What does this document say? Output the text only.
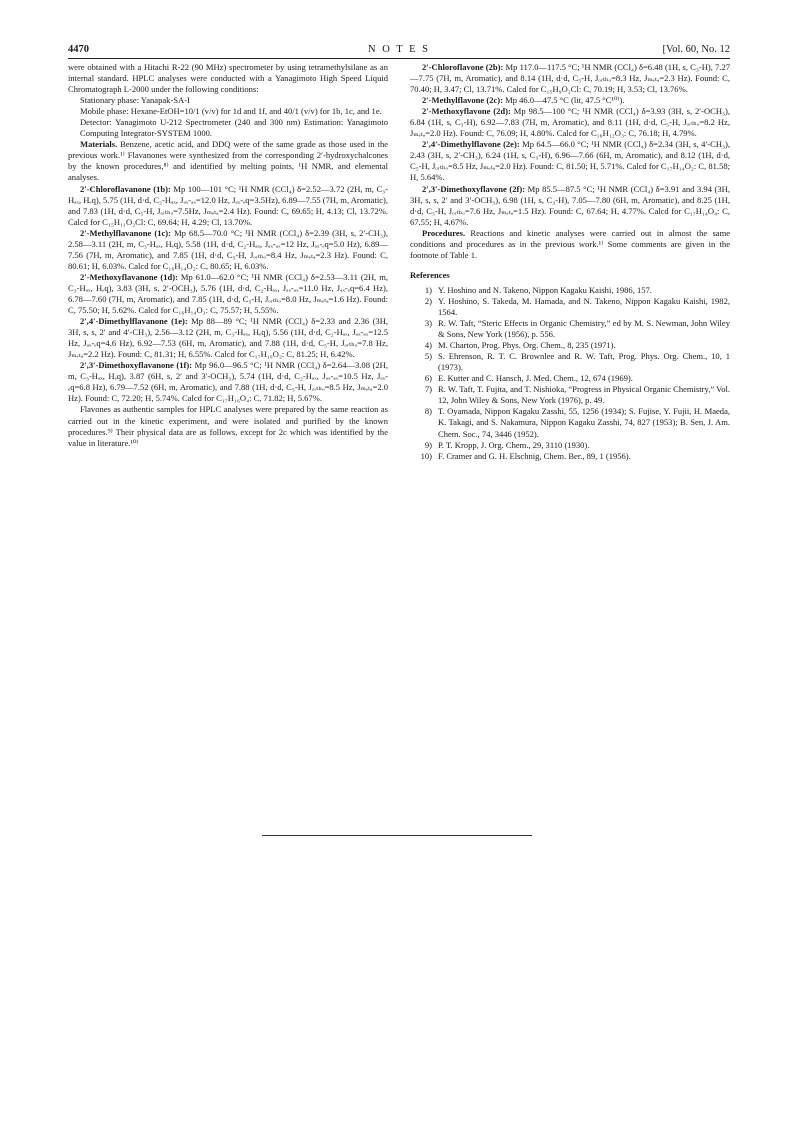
4470	N O T E S	[Vol. 60, No. 12

were obtained with a Hitachi R-22 (90 MHz) spectrometer by using tetramethylsilane as an internal standard. HPLC analyses were conducted with a Yanagimoto High Speed Liquid Chromatograph L-2000 under the following conditions:

Stationary phase: Yanapak-SA-I

Mobile phase: Hexane-EtOH=10/1 (v/v) for 1d and 1f, and 40/1 (v/v) for 1b, 1c, and 1e.

Detector: Yanagimoto U-212 Spectrometer (240 and 300 nm) Estimation: Yanagimoto Computing Integrator-SYSTEM 1000.

Materials. Benzene, acetic acid, and DDQ were of the same grade as those used in the previous work.¹⁾ Flavanones were synthesized from the corresponding 2′-hydroxychalcones by the known procedures,⁸⁾ and identified by melting points, ¹H NMR, and elemental analyses.

2′-Chloroflavanone (1b): Mp 100—101 °C; ¹H NMR (CCl₄) δ=2.52—3.72 (2H, m, C₃-Hₐₓ, Hₑq), 5.75 (1H, d·d, C₂-Hₐₓ, Jₐₓ-ₐₓ=12.0 Hz, Jₐₓ-ₑq=3.5Hz), 6.89—7.55 (7H, m, Aromatic), and 7.83 (1H, d·d, C₅-H, Jₒᵣₜₕₒ=7.5Hz, Jₘₑₜₐ=2.4 Hz). Found: C, 69.65; H, 4.13; Cl, 13.72%. Calcd for C₁₅H₁₁O₂Cl: C, 69.64; H, 4.29; Cl, 13.70%.

2′-Methylflavanone (1c): Mp 68.5—70.0 °C; ¹H NMR (CCl₄) δ=2.39 (3H, s, 2′-CH₃), 2.58—3.11 (2H, m, C₃-Hₐₓ, Hₑq), 5.58 (1H, d·d, C₂-Hₐₓ, Jₐₓ-ₐₓ=12 Hz, Jₐₓ-ₑq=5.0 Hz), 6.89—7.56 (7H, m, Aromatic), and 7.85 (1H, d·d, C₅-H, Jₒᵣₜₕₒ=8.4 Hz, Jₘₑₜₐ=2.3 Hz). Found: C, 80.61; H, 6.03%. Calcd for C₁₆H₁₄O₂: C, 80.65; H, 6.03%.

2′-Methoxyflavanone (1d): Mp 61.0—62.0 °C; ¹H NMR (CCl₄) δ=2.53—3.11 (2H, m, C₃-Hₐₓ, Hₑq), 3.83 (3H, s, 2′-OCH₃), 5.76 (1H, d·d, C₂-Hₐₓ, Jₐₓ-ₐₓ=11.0 Hz, Jₐₓ-ₑq=6.4 Hz), 6.78—7.60 (7H, m, Aromatic), and 7.85 (1H, d·d, C₅-H, Jₒᵣₜₕₒ=8.0 Hz, Jₘₑₜₐ=1.6 Hz). Found: C, 75.50; H, 5.62%. Calcd for C₁₆H₁₄O₃: C, 75.57; H, 5.55%.

2′,4′-Dimethylflavanone (1e): Mp 88—89 °C; ¹H NMR (CCl₄) δ=2.33 and 2.36 (3H, 3H, s, s, 2′ and 4′-CH₃), 2.56—3.12 (2H, m, C₃-Hₐₓ, Hₑq), 5.56 (1H, d·d, C₂-Hₐₓ, Jₐₓ-ₐₓ=12.5 Hz, Jₐₓ-ₑq=4.6 Hz), 6.92—7.53 (6H, m, Aromatic), and 7.88 (1H, d·d, C₅-H, Jₒᵣₜₕₒ=7.8 Hz, Jₘₑₜₐ=2.2 Hz). Found: C, 81.31; H, 6.55%. Calcd for C₁₇H₁₆O₂: C, 81.25; H, 6.42%.

2′,3′-Dimethoxyflavanone (1f): Mp 96.0—96.5 °C; ¹H NMR (CCl₄) δ=2.64—3.08 (2H, m, C₃-Hₐₓ, Hₑq), 3.87 (6H, s, 2′ and 3′-OCH₃), 5.74 (1H, d·d, C₂-Hₐₓ, Jₐₓ-ₐₓ=10.5 Hz, Jₐₓ-ₑq=6.8 Hz), 6.79—7.52 (6H, m, Aromatic), and 7.88 (1H, d·d, C₅-H, Jₒᵣₜₕₒ=8.5 Hz, Jₘₑₜₐ=2.0 Hz). Found: C, 72.20; H, 5.74%. Calcd for C₁₇H₁₆O₄: C, 71.82; H, 5.67%.

Flavones as authentic samples for HPLC analyses were prepared by the same reaction as carried out in the kinetic experiment, and were isolated and purified by the known procedures.⁹⁾ Their physical data are as follows, except for 2c which was identified by the value in literature.¹⁰⁾

2′-Chloroflavone (2b): Mp 117.0—117.5 °C; ¹H NMR (CCl₄) δ=6.48 (1H, s, C₃-H), 7.27—7.75 (7H, m, Aromatic), and 8.14 (1H, d·d, C₅-H, Jₒᵣₜₕₒ=8.3 Hz, Jₘₑₜₐ=2.3 Hz). Found: C, 70.40; H, 3.47; Cl, 13.71%. Calcd for C₁₅H₉O₂Cl: C, 70.19; H, 3.53; Cl, 13.76%.

2′-Methylflavone (2c): Mp 46.0—47.5 °C (lit, 47.5 °C¹⁰⁾).

2′-Methoxyflavone (2d): Mp 98.5—100 °C; ¹H NMR (CCl₄) δ=3.93 (3H, s, 2′-OCH₃), 6.84 (1H, s, C₃-H), 6.92—7.83 (7H, m, Aromatic), and 8.11 (1H, d·d, C₅-H, Jₒᵣₜₕₒ=8.2 Hz, Jₘₑₜₐ=2.0 Hz). Found: C, 76.09; H, 4.80%. Calcd for C₁₆H₁₂O₃: C, 76.18; H, 4.79%.

2′,4′-Dimethylflavone (2e): Mp 64.5—66.0 °C; ¹H NMR (CCl₄) δ=2.34 (3H, s, 4′-CH₃), 2.43 (3H, s, 2′-CH₃), 6.24 (1H, s, C₃-H), 6.96—7.66 (6H, m, Aromatic), and 8.12 (1H, d·d, C₅-H, Jₒᵣₜₕₒ=8.5 Hz, Jₘₑₜₐ=2.0 Hz). Found: C, 81.50; H, 5.71%. Calcd for C₁₇H₁₄O₂: C, 81.58; H, 5.64%.

2′,3′-Dimethoxyflavone (2f): Mp 85.5—87.5 °C; ¹H NMR (CCl₄) δ=3.91 and 3.94 (3H, 3H, s, s, 2′ and 3′-OCH₃), 6.98 (1H, s, C₃-H), 7.05—7.80 (6H, m, Aromatic), and 8.25 (1H, d·d, C₅-H, Jₒᵣₜₕₒ=7.6 Hz, Jₘₑₜₐ=1.5 Hz). Found: C, 67.64; H, 4.77%. Calcd for C₁₇H₁₄O₄: C, 67.55; H, 4.67%.

Procedures. Reactions and kinetic analyses were carried out in almost the same conditions and procedures as in the previous work.¹⁾ Some comments are given in the footnote of Table 1.

References

1) Y. Hoshino and N. Takeno, Nippon Kagaku Kaishi, 1986, 157.
2) Y. Hoshino, S. Takeda, M. Hamada, and N. Takeno, Nippon Kagaku Kaishi, 1982, 1564.
3) R. W. Taft, “Steric Effects in Organic Chemistry,” ed by M. S. Newman, John Wiley & Sons, New York (1956), p. 556.
4) M. Charton, Prog. Phys. Org. Chem., 8, 235 (1971).
5) S. Ehrenson, R. T. C. Brownlee and R. W. Taft, Prog. Phys. Org. Chem., 10, 1 (1973).
6) E. Kutter and C. Hansch, J. Med. Chem., 12, 674 (1969).
7) R. W. Taft, T. Fujita, and T. Nishioka, “Progress in Physical Organic Chemistry,” Vol. 12, John Wiley & Sons, New York (1976), p. 49.
8) T. Oyamada, Nippon Kagaku Zasshi, 55, 1256 (1934); S. Fujise, Y. Fujii, H. Maeda, K. Takagi, and S. Nakamura, Nippon Kagaku Zasshi, 74, 827 (1953); B. Sen, J. Am. Chem. Soc., 74, 3446 (1952).
9) P. T. Kropp, J. Org. Chem., 29, 3110 (1930).
10) F. Cramer and G. H. Elschnig, Chem. Ber., 89, 1 (1956).
